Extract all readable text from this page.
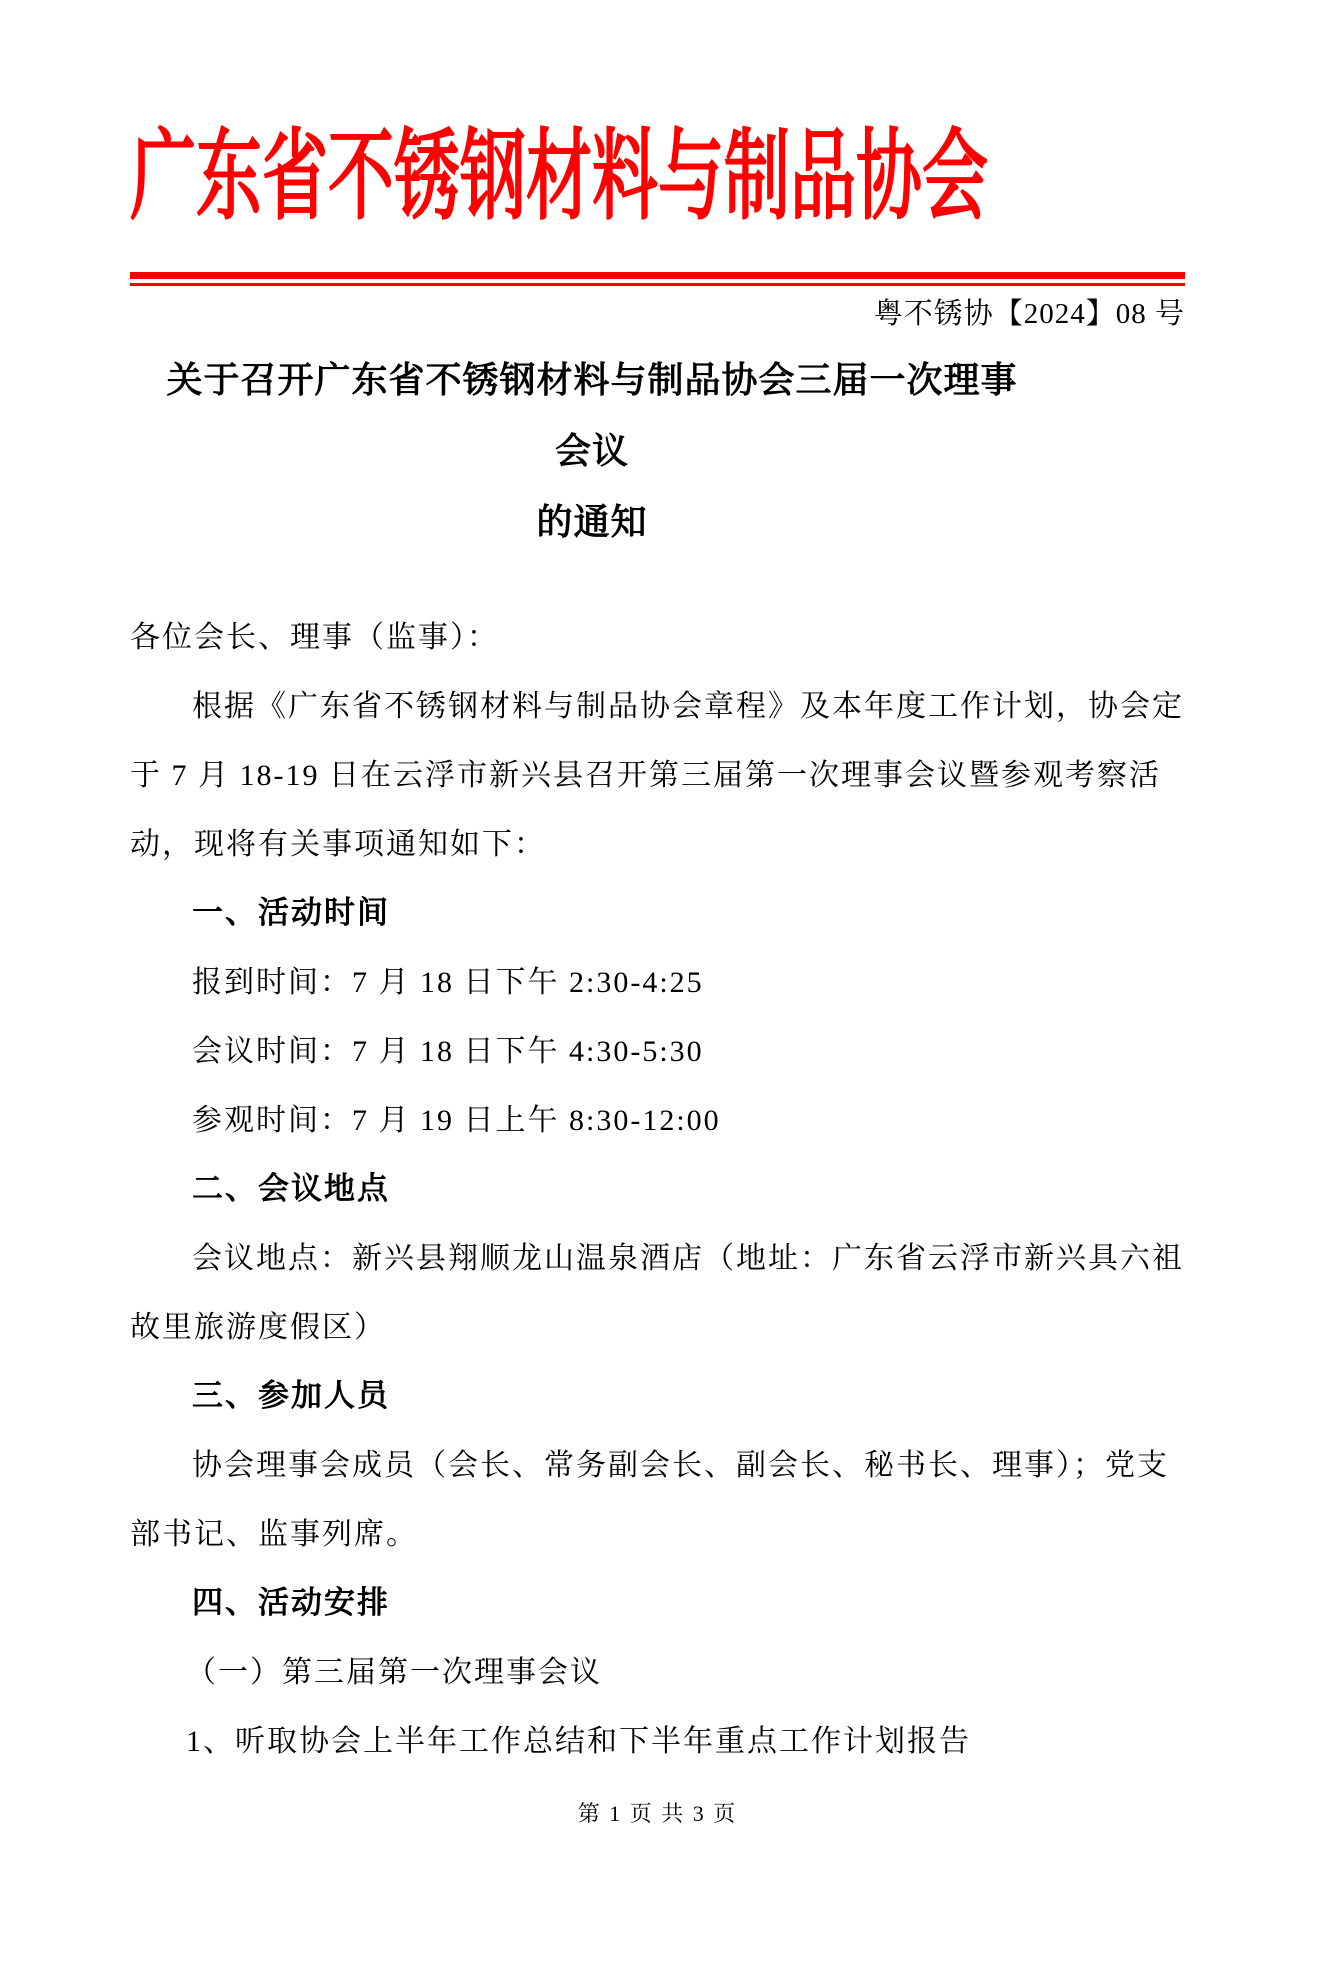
广东省不锈钢材料与制品协会
粤不锈协【2024】08 号
关于召开广东省不锈钢材料与制品协会三届一次理事会议
的通知
各位会长、理事（监事）：
根据《广东省不锈钢材料与制品协会章程》及本年度工作计划，协会定
于 7 月 18-19 日在云浮市新兴县召开第三届第一次理事会议暨参观考察活
动，现将有关事项通知如下：
一、活动时间
报到时间：7 月 18 日下午 2:30-4:25
会议时间：7 月 18 日下午 4:30-5:30
参观时间：7 月 19 日上午 8:30-12:00
二、会议地点
会议地点：新兴县翔顺龙山温泉酒店（地址：广东省云浮市新兴具六祖
故里旅游度假区）
三、参加人员
协会理事会成员（会长、常务副会长、副会长、秘书长、理事）；党支
部书记、监事列席。
四、活动安排
（一）第三届第一次理事会议
1、听取协会上半年工作总结和下半年重点工作计划报告
第 1 页 共 3 页
